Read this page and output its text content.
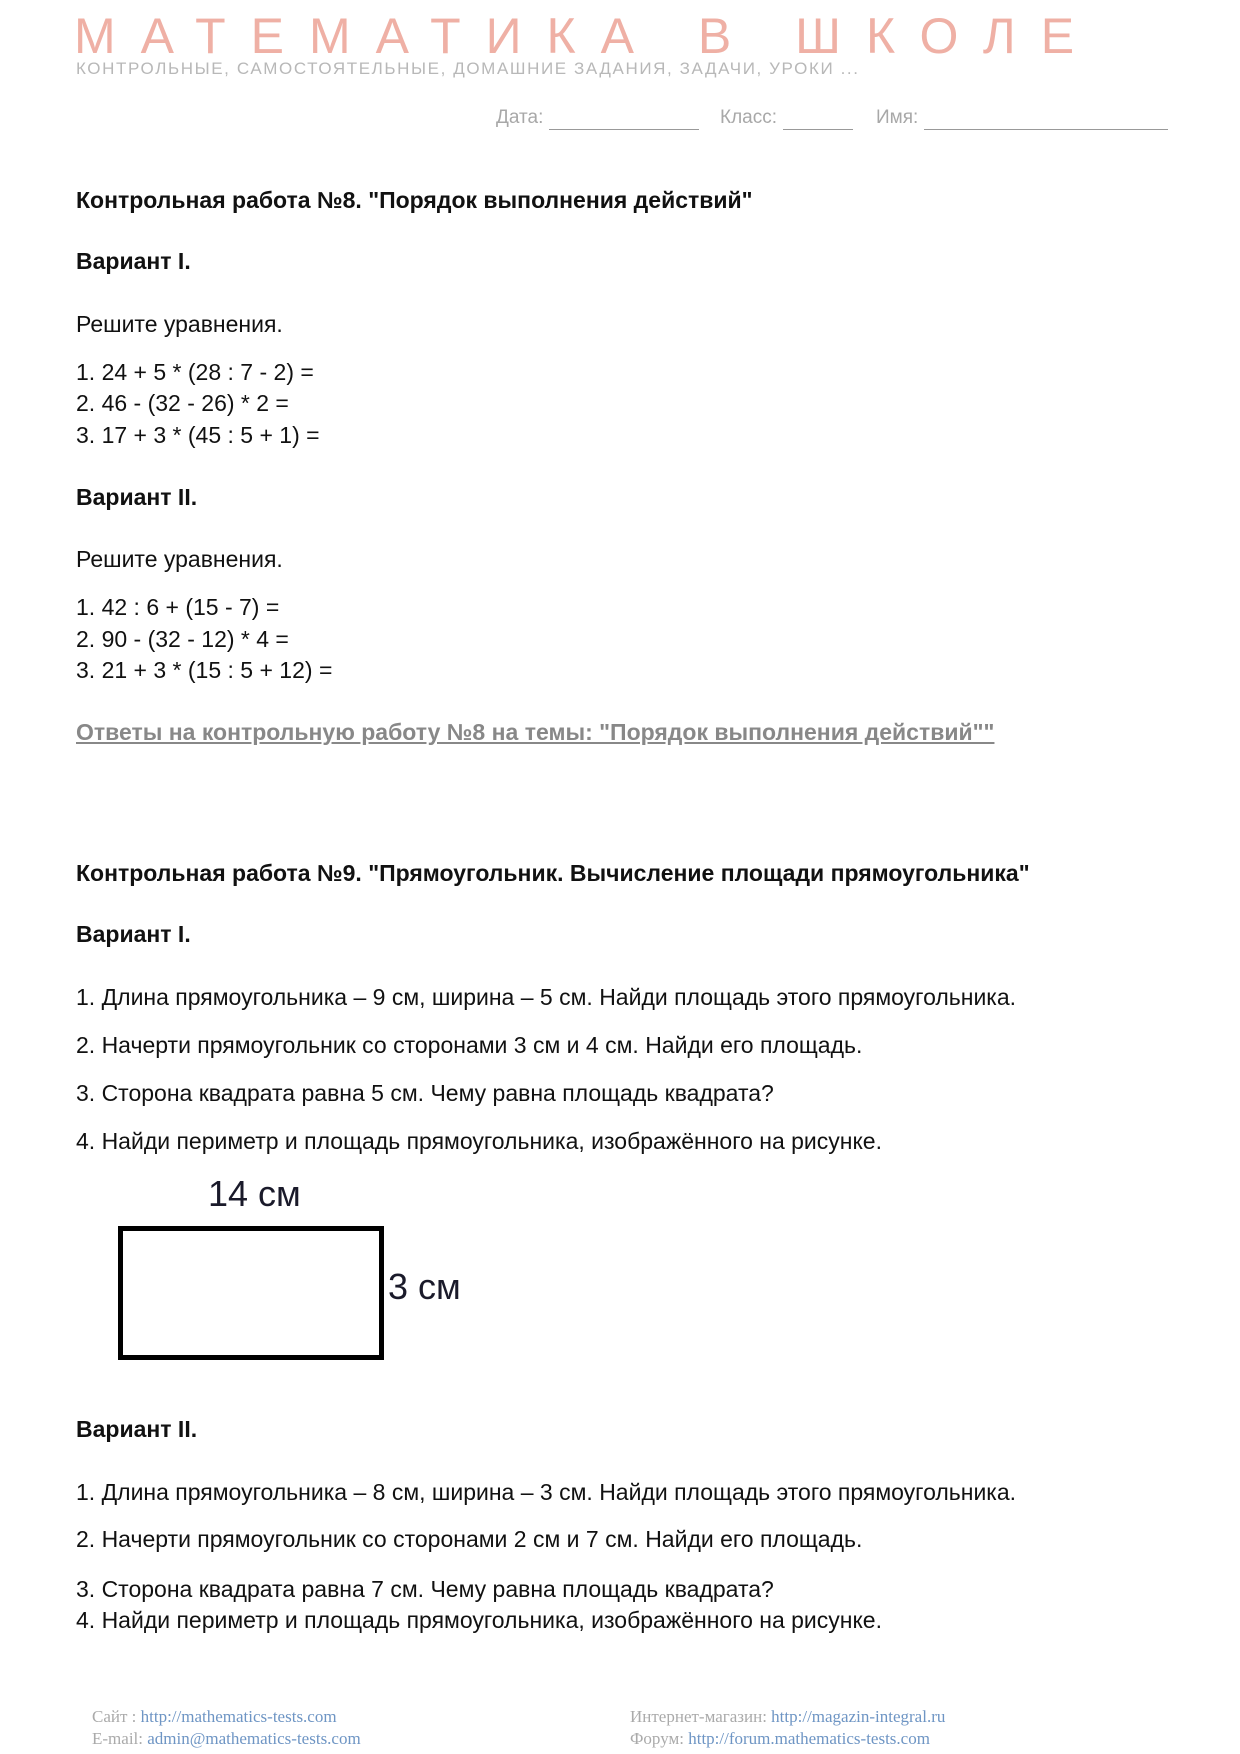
МАТЕМАТИКА В ШКОЛЕ
КОНТРОЛЬНЫЕ, САМОСТОЯТЕЛЬНЫЕ, ДОМАШНИЕ ЗАДАНИЯ, ЗАДАЧИ, УРОКИ ...
Дата:	Класс:	Имя:
Контрольная работа №8. "Порядок выполнения действий"
Вариант I.
Решите уравнения.
1. 24 + 5 * (28 : 7 - 2) =
2. 46 - (32 - 26) * 2 =
3. 17 + 3 * (45 : 5 + 1) =
Вариант II.
Решите уравнения.
1. 42 : 6 + (15 - 7) =
2. 90 - (32 - 12) * 4 =
3. 21 + 3 * (15 : 5 + 12) =
Ответы на контрольную работу №8 на темы: "Порядок выполнения действий""
Контрольная работа №9. "Прямоугольник. Вычисление площади прямоугольника"
Вариант I.
1. Длина прямоугольника – 9 см, ширина – 5 см. Найди площадь этого прямоугольника.
2. Начерти прямоугольник со сторонами 3 см и 4 см. Найди его площадь.
3. Сторона квадрата равна 5 см. Чему равна площадь квадрата?
4. Найди периметр и площадь прямоугольника, изображённого на рисунке.
14 см
3 см
Вариант II.
1. Длина прямоугольника – 8 см, ширина – 3 см. Найди площадь этого прямоугольника.
2. Начерти прямоугольник со сторонами 2 см и 7 см. Найди его площадь.
3. Сторона квадрата равна 7 см. Чему равна площадь квадрата?
4. Найди периметр и площадь прямоугольника, изображённого на рисунке.
Сайт : http://mathematics-tests.com
E-mail: admin@mathematics-tests.com
Интернет-магазин: http://magazin-integral.ru
Форум: http://forum.mathematics-tests.com
